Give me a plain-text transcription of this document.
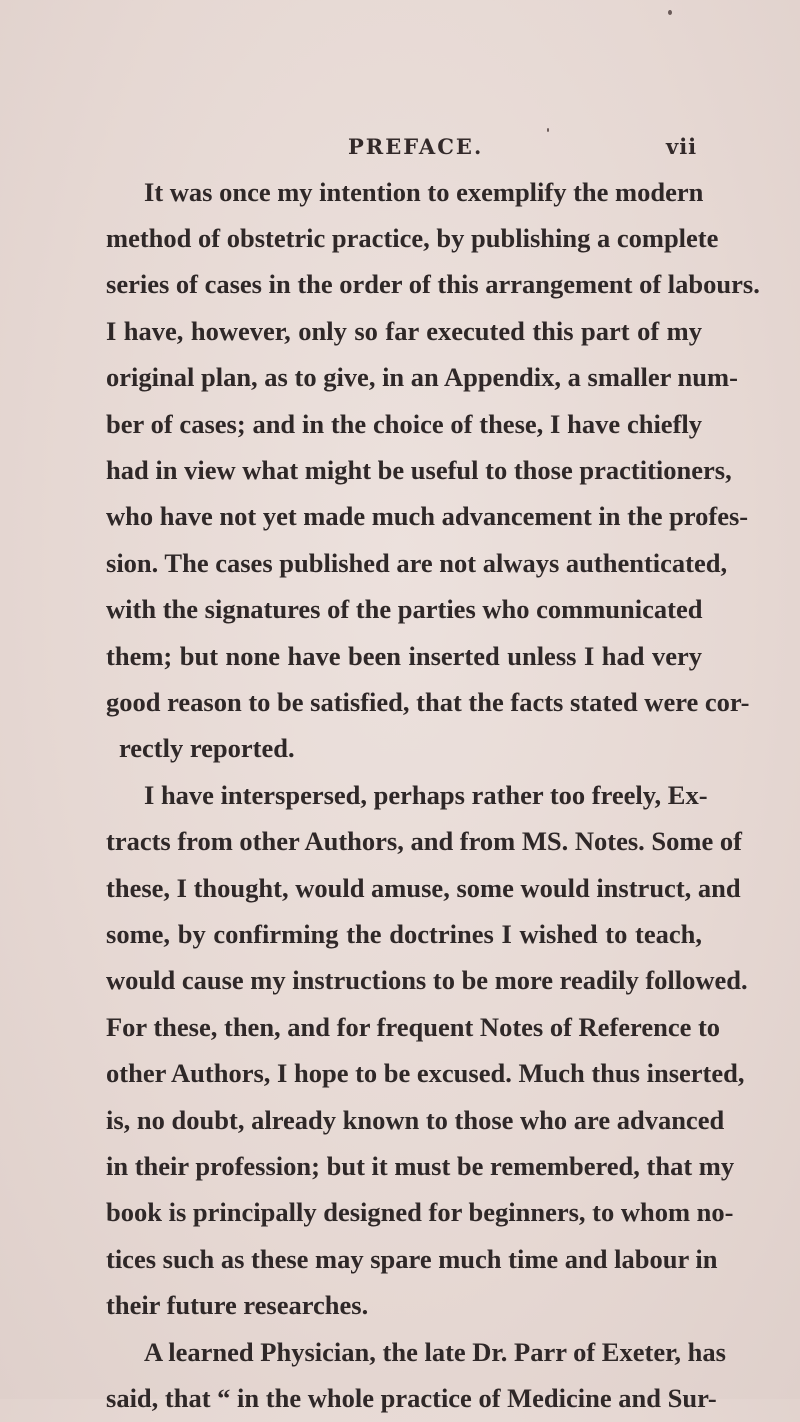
PREFACE.	vii
It was once my intention to exemplify the modern
method of obstetric practice, by publishing a complete
series of cases in the order of this arrangement of labours.
I have, however, only so far executed this part of my
original plan, as to give, in an Appendix, a smaller num-
ber of cases; and in the choice of these, I have chiefly
had in view what might be useful to those practitioners,
who have not yet made much advancement in the profes-
sion. The cases published are not always authenticated,
with the signatures of the parties who communicated
them; but none have been inserted unless I had very
good reason to be satisfied, that the facts stated were cor-
rectly reported.
I have interspersed, perhaps rather too freely, Ex-
tracts from other Authors, and from MS. Notes. Some of
these, I thought, would amuse, some would instruct, and
some, by confirming the doctrines I wished to teach,
would cause my instructions to be more readily followed.
For these, then, and for frequent Notes of Reference to
other Authors, I hope to be excused. Much thus inserted,
is, no doubt, already known to those who are advanced
in their profession; but it must be remembered, that my
book is principally designed for beginners, to whom no-
tices such as these may spare much time and labour in
their future researches.
A learned Physician, the late Dr. Parr of Exeter, has
said, that “ in the whole practice of Medicine and Sur-
